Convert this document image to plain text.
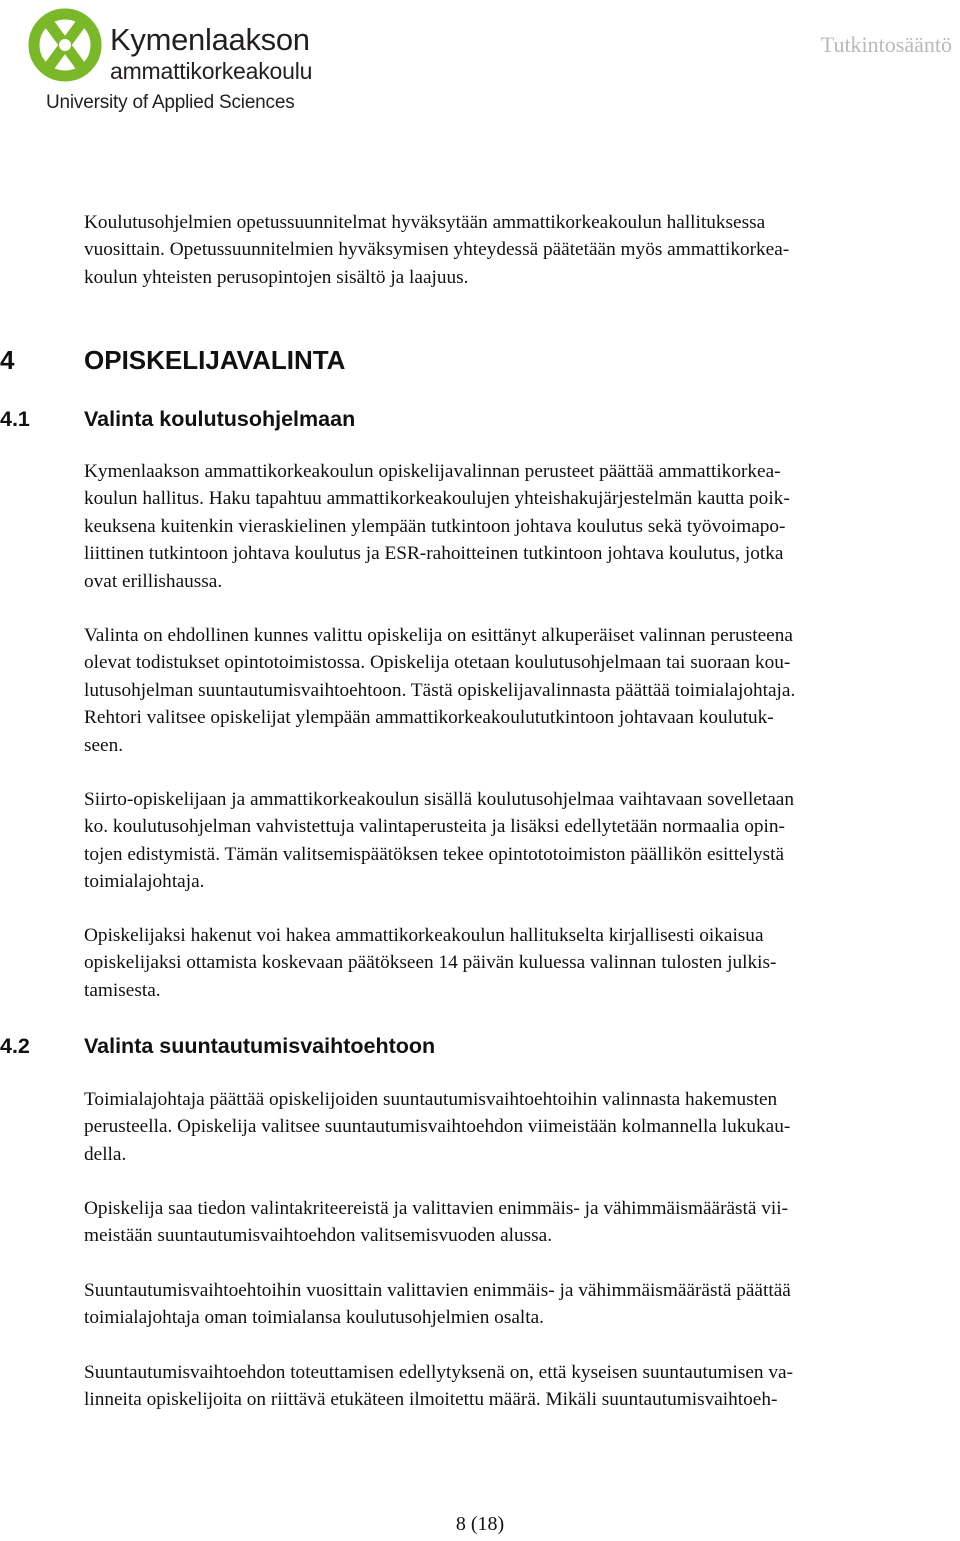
Kymenlaakson
ammattikorkeakoulu
University of Applied Sciences
Tutkintosääntö

Koulutusohjelmien opetussuunnitelmat hyväksytään ammattikorkeakoulun hallituksessa
vuosittain. Opetussuunnitelmien hyväksymisen yhteydessä päätetään myös ammattikorkea-
koulun yhteisten perusopintojen sisältö ja laajuus.

4	OPISKELIJAVALINTA
4.1	Valinta koulutusohjelmaan

Kymenlaakson ammattikorkeakoulun opiskelijavalinnan perusteet päättää ammattikorkea-
koulun hallitus. Haku tapahtuu ammattikorkeakoulujen yhteishakujärjestelmän kautta poik-
keuksena kuitenkin vieraskielinen ylempään tutkintoon johtava koulutus sekä työvoimapo-
liittinen tutkintoon johtava koulutus ja ESR-rahoitteinen tutkintoon johtava koulutus, jotka
ovat erillishaussa.

Valinta on ehdollinen kunnes valittu opiskelija on esittänyt alkuperäiset valinnan perusteena
olevat todistukset opintotoimistossa. Opiskelija otetaan koulutusohjelmaan tai suoraan kou-
lutusohjelman suuntautumisvaihtoehtoon. Tästä opiskelijavalinnasta päättää toimialajohtaja.
Rehtori valitsee opiskelijat ylempään ammattikorkeakoulututkintoon johtavaan koulutuk-
seen.

Siirto-opiskelijaan ja ammattikorkeakoulun sisällä koulutusohjelmaa vaihtavaan sovelletaan
ko. koulutusohjelman vahvistettuja valintaperusteita ja lisäksi edellytetään normaalia opin-
tojen edistymistä. Tämän valitsemispäätöksen tekee opintototoimiston päällikön esittelystä
toimialajohtaja.

Opiskelijaksi hakenut voi hakea ammattikorkeakoulun hallitukselta kirjallisesti oikaisua
opiskelijaksi ottamista koskevaan päätökseen 14 päivän kuluessa valinnan tulosten julkis-
tamisesta.

4.2	Valinta suuntautumisvaihtoehtoon

Toimialajohtaja päättää opiskelijoiden suuntautumisvaihtoehtoihin valinnasta hakemusten
perusteella. Opiskelija valitsee suuntautumisvaihtoehdon viimeistään kolmannella lukukau-
della.

Opiskelija saa tiedon valintakriteereistä ja valittavien enimmäis- ja vähimmäismäärästä vii-
meistään suuntautumisvaihtoehdon valitsemisvuoden alussa.

Suuntautumisvaihtoehtoihin vuosittain valittavien enimmäis- ja vähimmäismäärästä päättää
toimialajohtaja oman toimialansa koulutusohjelmien osalta.

Suuntautumisvaihtoehdon toteuttamisen edellytyksenä on, että kyseisen suuntautumisen va-
linneita opiskelijoita on riittävä etukäteen ilmoitettu määrä. Mikäli suuntautumisvaihtoeh-

8 (18)
